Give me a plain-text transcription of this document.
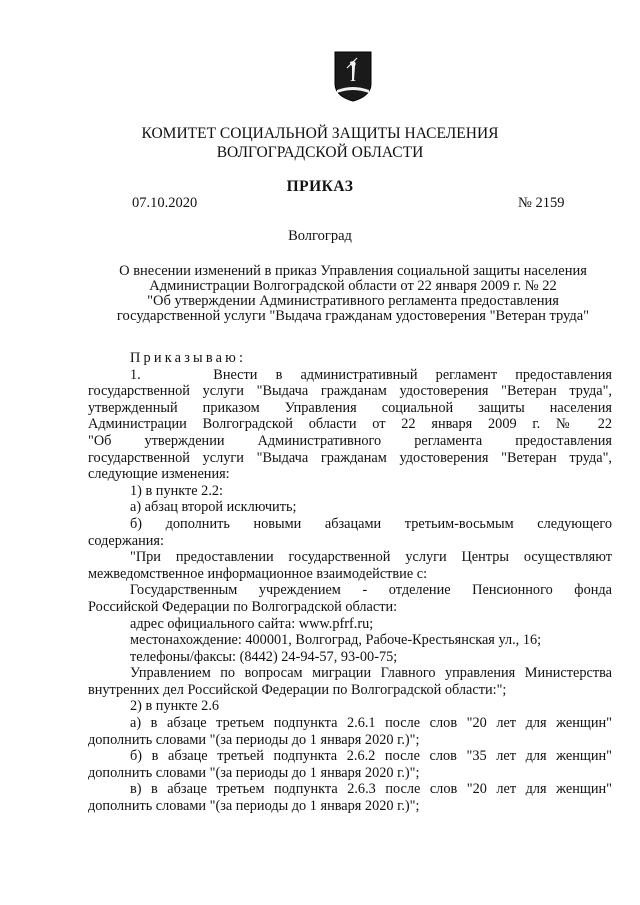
КОМИТЕТ СОЦИАЛЬНОЙ ЗАЩИТЫ НАСЕЛЕНИЯ
ВОЛГОГРАДСКОЙ ОБЛАСТИ
ПРИКАЗ
07.10.2020	№ 2159
Волгоград
О внесении изменений в приказ Управления социальной защиты населения
Администрации Волгоградской области от 22 января 2009 г. № 22
"Об утверждении Административного регламента предоставления
государственной услуги "Выдача гражданам удостоверения "Ветеран труда"

Приказываю:

1.    Внести в административный регламент предоставления

государственной услуги "Выдача гражданам удостоверения "Ветеран труда",

утвержденный приказом Управления социальной защиты населения

Администрации Волгоградской области от 22 января 2009 г. № 22

"Об утверждении Административного регламента предоставления

государственной услуги "Выдача гражданам удостоверения "Ветеран труда",

следующие изменения:

1) в пункте 2.2:

а) абзац второй исключить;

б) дополнить новыми абзацами третьим-восьмым следующего

содержания:

"При предоставлении государственной услуги Центры осуществляют

межведомственное информационное взаимодействие с:

Государственным учреждением - отделение Пенсионного фонда

Российской Федерации по Волгоградской области:

адрес официального сайта: www.pfrf.ru;

местонахождение: 400001, Волгоград, Рабоче-Крестьянская ул., 16;

телефоны/факсы: (8442) 24-94-57, 93-00-75;

Управлением по вопросам миграции Главного управления Министерства

внутренних дел Российской Федерации по Волгоградской области:";

2) в пункте 2.6

а) в абзаце третьем подпункта 2.6.1 после слов "20 лет для женщин"

дополнить словами "(за периоды до 1 января 2020 г.)";

б) в абзаце третьей подпункта 2.6.2 после слов "35 лет для женщин"

дополнить словами "(за периоды до 1 января 2020 г.)";

в) в абзаце третьем подпункта 2.6.3 после слов "20 лет для женщин"

дополнить словами "(за периоды до 1 января 2020 г.)";
